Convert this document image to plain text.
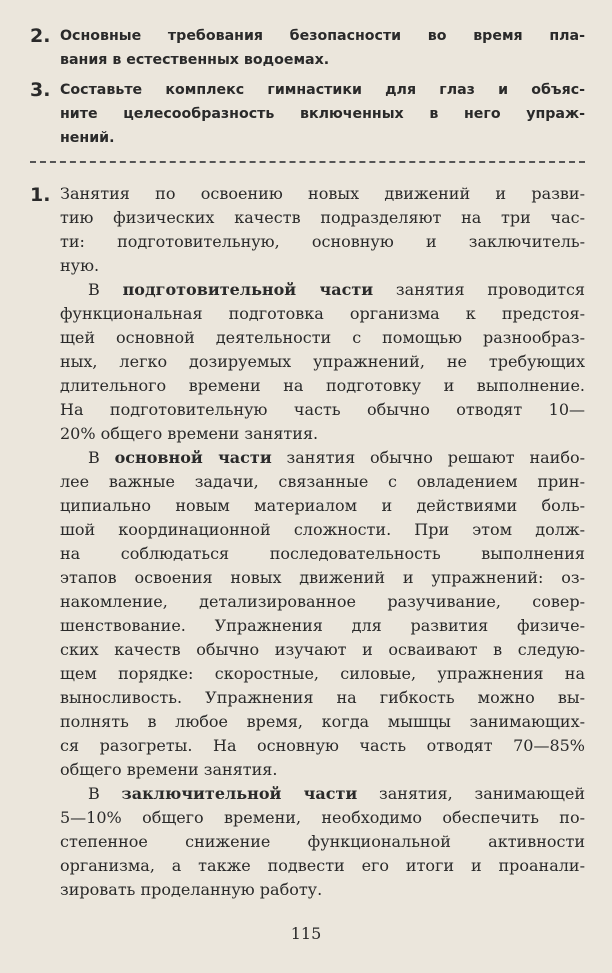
2. Основные требования безопасности во время пла-
вания в естественных водоемах.
3. Составьте комплекс гимнастики для глаз и объяс-
ните целесообразность включенных в него упраж-
нений.
1. Занятия по освоению новых движений и разви-
тию физических качеств подразделяют на три час-
ти: подготовительную, основную и заключитель-
ную.

В подготовительной части занятия проводится
функциональная подготовка организма к предстоя-
щей основной деятельности с помощью разнообраз-
ных, легко дозируемых упражнений, не требующих
длительного времени на подготовку и выполнение.
На подготовительную часть обычно отводят 10—
20% общего времени занятия.

В основной части занятия обычно решают наибо-
лее важные задачи, связанные с овладением прин-
ципиально новым материалом и действиями боль-
шой координационной сложности. При этом долж-
на соблюдаться последовательность выполнения
этапов освоения новых движений и упражнений: оз-
накомление, детализированное разучивание, совер-
шенствование. Упражнения для развития физиче-
ских качеств обычно изучают и осваивают в следую-
щем порядке: скоростные, силовые, упражнения на
выносливость. Упражнения на гибкость можно вы-
полнять в любое время, когда мышцы занимающих-
ся разогреты. На основную часть отводят 70—85%
общего времени занятия.

В заключительной части занятия, занимающей
5—10% общего времени, необходимо обеспечить по-
степенное снижение функциональной активности
организма, а также подвести его итоги и проанали-
зировать проделанную работу.

115
